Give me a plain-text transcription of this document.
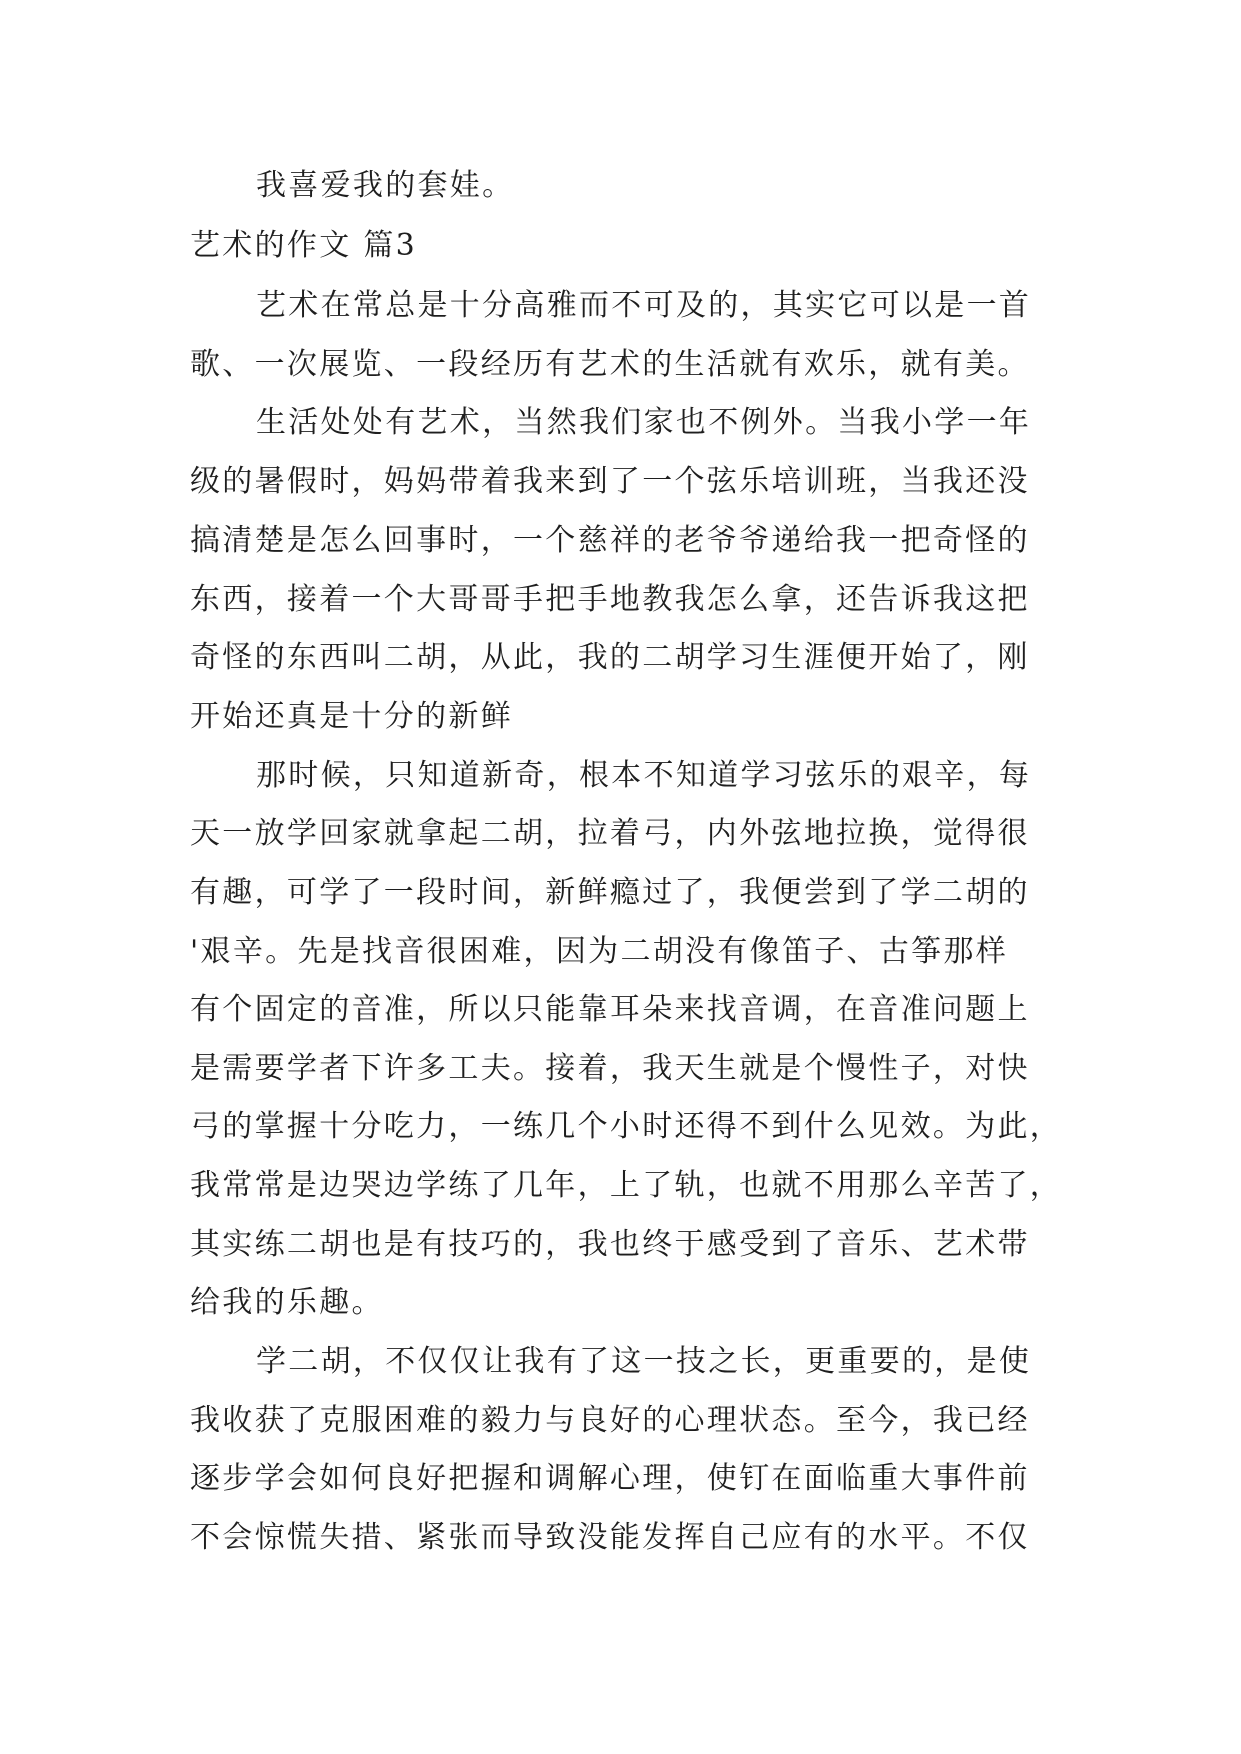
我喜爱我的套娃。
艺术的作文 篇3
艺术在常总是十分高雅而不可及的，其实它可以是一首
歌、一次展览、一段经历有艺术的生活就有欢乐，就有美。
生活处处有艺术，当然我们家也不例外。当我小学一年
级的暑假时，妈妈带着我来到了一个弦乐培训班，当我还没
搞清楚是怎么回事时，一个慈祥的老爷爷递给我一把奇怪的
东西，接着一个大哥哥手把手地教我怎么拿，还告诉我这把
奇怪的东西叫二胡，从此，我的二胡学习生涯便开始了，刚
开始还真是十分的新鲜
那时候，只知道新奇，根本不知道学习弦乐的艰辛，每
天一放学回家就拿起二胡，拉着弓，内外弦地拉换，觉得很
有趣，可学了一段时间，新鲜瘾过了，我便尝到了学二胡的
'艰辛。先是找音很困难，因为二胡没有像笛子、古筝那样
有个固定的音准，所以只能靠耳朵来找音调，在音准问题上
是需要学者下许多工夫。接着，我天生就是个慢性子，对快
弓的掌握十分吃力，一练几个小时还得不到什么见效。为此，
我常常是边哭边学练了几年，上了轨，也就不用那么辛苦了，
其实练二胡也是有技巧的，我也终于感受到了音乐、艺术带
给我的乐趣。
学二胡，不仅仅让我有了这一技之长，更重要的，是使
我收获了克服困难的毅力与良好的心理状态。至今，我已经
逐步学会如何良好把握和调解心理，使钉在面临重大事件前
不会惊慌失措、紧张而导致没能发挥自己应有的水平。不仅
